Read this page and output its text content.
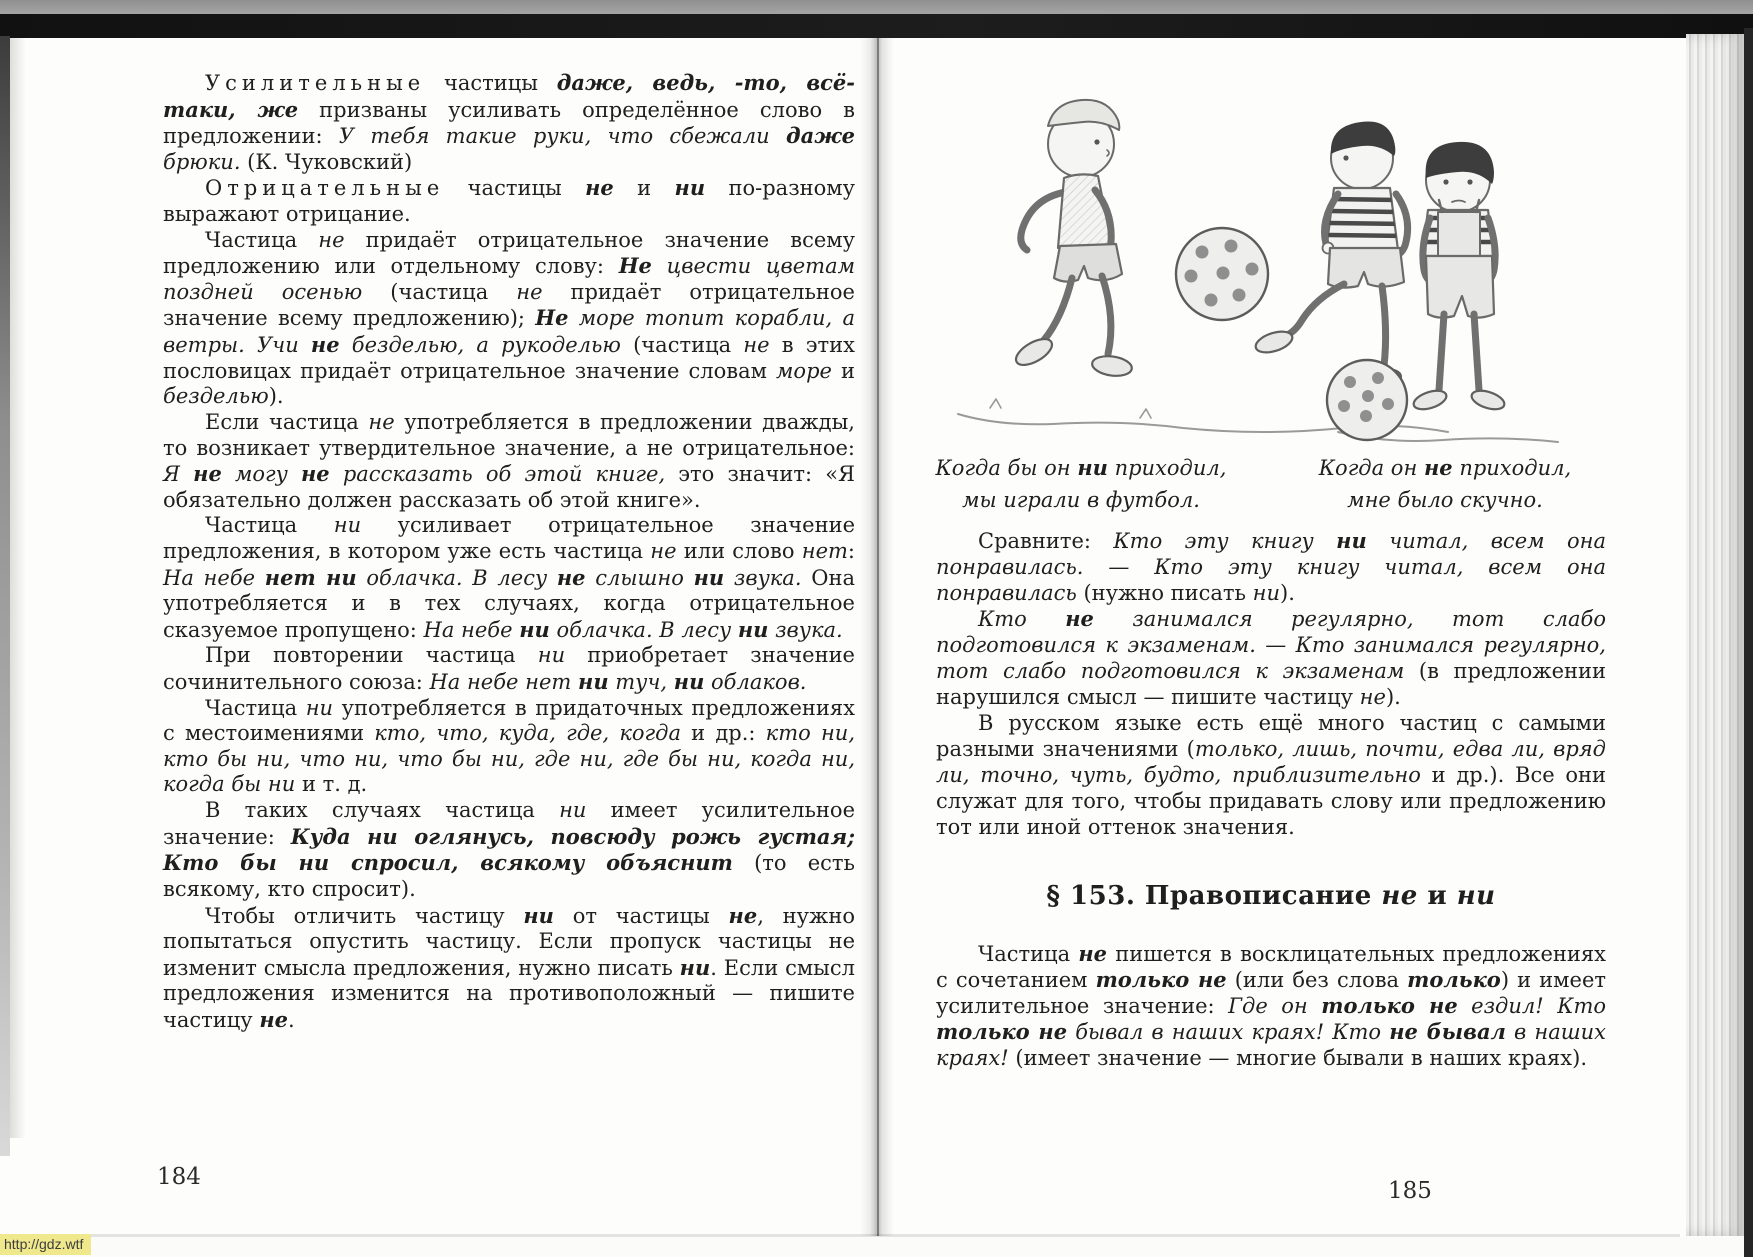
Усилительные частицы даже, ведь, -то, всё-таки, же призваны усиливать определённое слово в предложении: У тебя такие руки, что сбежали даже брюки. (К. Чуковский)

Отрицательные частицы не и ни по-разному выражают отрицание.

Частица не придаёт отрицательное значение всему предложению или отдельному слову: Не цвести цветам поздней осенью (частица не придаёт отрицательное значение всему предложению); Не море топит корабли, а ветры. Учи не безделью, а рукоделью (частица не в этих пословицах придаёт отрицательное значение словам море и безделью).

Если частица не употребляется в предложении дважды, то возникает утвердительное значение, а не отрицательное: Я не могу не рассказать об этой книге, это значит: «Я обязательно должен рассказать об этой книге».

Частица ни усиливает отрицательное значение предложения, в котором уже есть частица не или слово нет: На небе нет ни облачка. В лесу не слышно ни звука. Она употребляется и в тех случаях, когда отрицательное сказуемое пропущено: На небе ни облачка. В лесу ни звука.

При повторении частица ни приобретает значение сочинительного союза: На небе нет ни туч, ни облаков.

Частица ни употребляется в придаточных предложениях с местоимениями кто, что, куда, где, когда и др.: кто ни, кто бы ни, что ни, что бы ни, где ни, где бы ни, когда ни, когда бы ни и т. д.

В таких случаях частица ни имеет усилительное значение: Куда ни оглянусь, повсюду рожь густая; Кто бы ни спросил, всякому объяснит (то есть всякому, кто спросит).

Чтобы отличить частицу ни от частицы не, нужно попытаться опустить частицу. Если пропуск частицы не изменит смысла предложения, нужно писать ни. Если смысл предложения изменится на противоположный — пишите частицу не.

184
Когда бы он ни приходил,
мы играли в футбол.
Когда он не приходил,
мне было скучно.

Сравните: Кто эту книгу ни читал, всем она понравилась. — Кто эту книгу читал, всем она понравилась (нужно писать ни).

Кто не занимался регулярно, тот слабо подготовился к экзаменам. — Кто занимался регулярно, тот слабо подготовился к экзаменам (в предложении нарушился смысл — пишите частицу не).

В русском языке есть ещё много частиц с самыми разными значениями (только, лишь, почти, едва ли, вряд ли, точно, чуть, будто, приблизительно и др.). Все они служат для того, чтобы придавать слову или предложению тот или иной оттенок значения.

§ 153. Правописание не и ни

Частица не пишется в восклицательных предложениях с сочетанием только не (или без слова только) и имеет усилительное значение: Где он только не ездил! Кто только не бывал в наших краях! Кто не бывал в наших краях! (имеет значение — многие бывали в наших краях).

185
http://gdz.wtf
